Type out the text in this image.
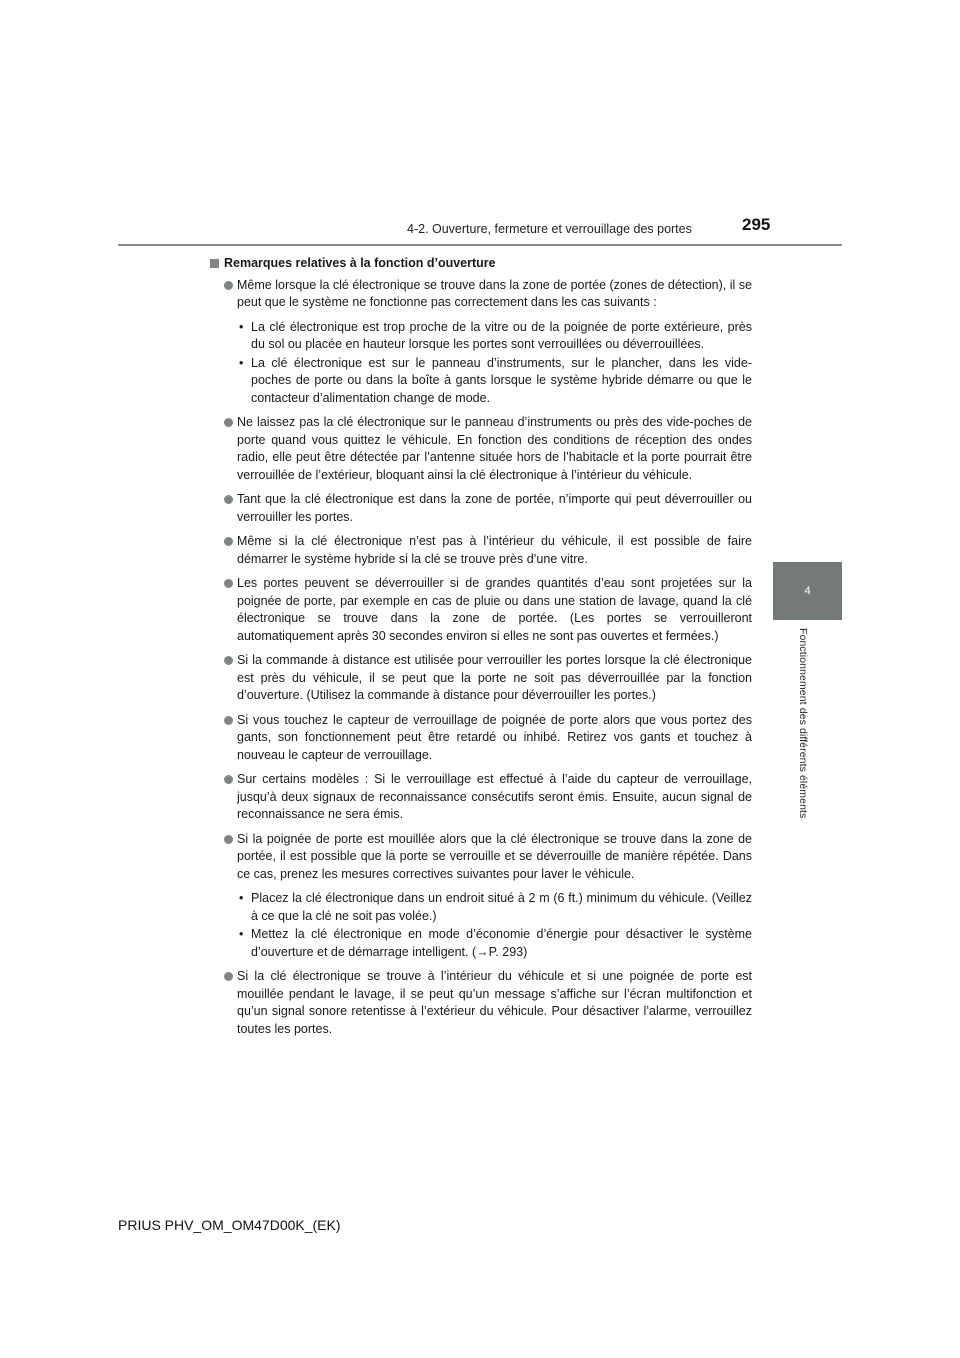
4-2. Ouverture, fermeture et verrouillage des portes	295
4
Fonctionnement des différents éléments
Remarques relatives à la fonction d’ouverture
Même lorsque la clé électronique se trouve dans la zone de portée (zones de détection), il se peut que le système ne fonctionne pas correctement dans les cas suivants :
• La clé électronique est trop proche de la vitre ou de la poignée de porte extérieure, près du sol ou placée en hauteur lorsque les portes sont verrouillées ou déverrouillées.
• La clé électronique est sur le panneau d’instruments, sur le plancher, dans les vide-poches de porte ou dans la boîte à gants lorsque le système hybride démarre ou que le contacteur d’alimentation change de mode.
Ne laissez pas la clé électronique sur le panneau d’instruments ou près des vide-poches de porte quand vous quittez le véhicule. En fonction des conditions de réception des ondes radio, elle peut être détectée par l’antenne située hors de l’habitacle et la porte pourrait être verrouillée de l’extérieur, bloquant ainsi la clé électronique à l’intérieur du véhicule.
Tant que la clé électronique est dans la zone de portée, n’importe qui peut déverrouiller ou verrouiller les portes.
Même si la clé électronique n’est pas à l’intérieur du véhicule, il est possible de faire démarrer le système hybride si la clé se trouve près d’une vitre.
Les portes peuvent se déverrouiller si de grandes quantités d’eau sont projetées sur la poignée de porte, par exemple en cas de pluie ou dans une station de lavage, quand la clé électronique se trouve dans la zone de portée. (Les portes se verrouilleront automatiquement après 30 secondes environ si elles ne sont pas ouvertes et fermées.)
Si la commande à distance est utilisée pour verrouiller les portes lorsque la clé électronique est près du véhicule, il se peut que la porte ne soit pas déverrouillée par la fonction d’ouverture. (Utilisez la commande à distance pour déverrouiller les portes.)
Si vous touchez le capteur de verrouillage de poignée de porte alors que vous portez des gants, son fonctionnement peut être retardé ou inhibé. Retirez vos gants et touchez à nouveau le capteur de verrouillage.
Sur certains modèles : Si le verrouillage est effectué à l’aide du capteur de verrouillage, jusqu’à deux signaux de reconnaissance consécutifs seront émis. Ensuite, aucun signal de reconnaissance ne sera émis.
Si la poignée de porte est mouillée alors que la clé électronique se trouve dans la zone de portée, il est possible que la porte se verrouille et se déverrouille de manière répétée. Dans ce cas, prenez les mesures correctives suivantes pour laver le véhicule.
• Placez la clé électronique dans un endroit situé à 2 m (6 ft.) minimum du véhicule. (Veillez à ce que la clé ne soit pas volée.)
• Mettez la clé électronique en mode d’économie d’énergie pour désactiver le système d’ouverture et de démarrage intelligent. (→P. 293)
Si la clé électronique se trouve à l’intérieur du véhicule et si une poignée de porte est mouillée pendant le lavage, il se peut qu’un message s’affiche sur l’écran multifonction et qu’un signal sonore retentisse à l’extérieur du véhicule. Pour désactiver l’alarme, verrouillez toutes les portes.
PRIUS PHV_OM_OM47D00K_(EK)
